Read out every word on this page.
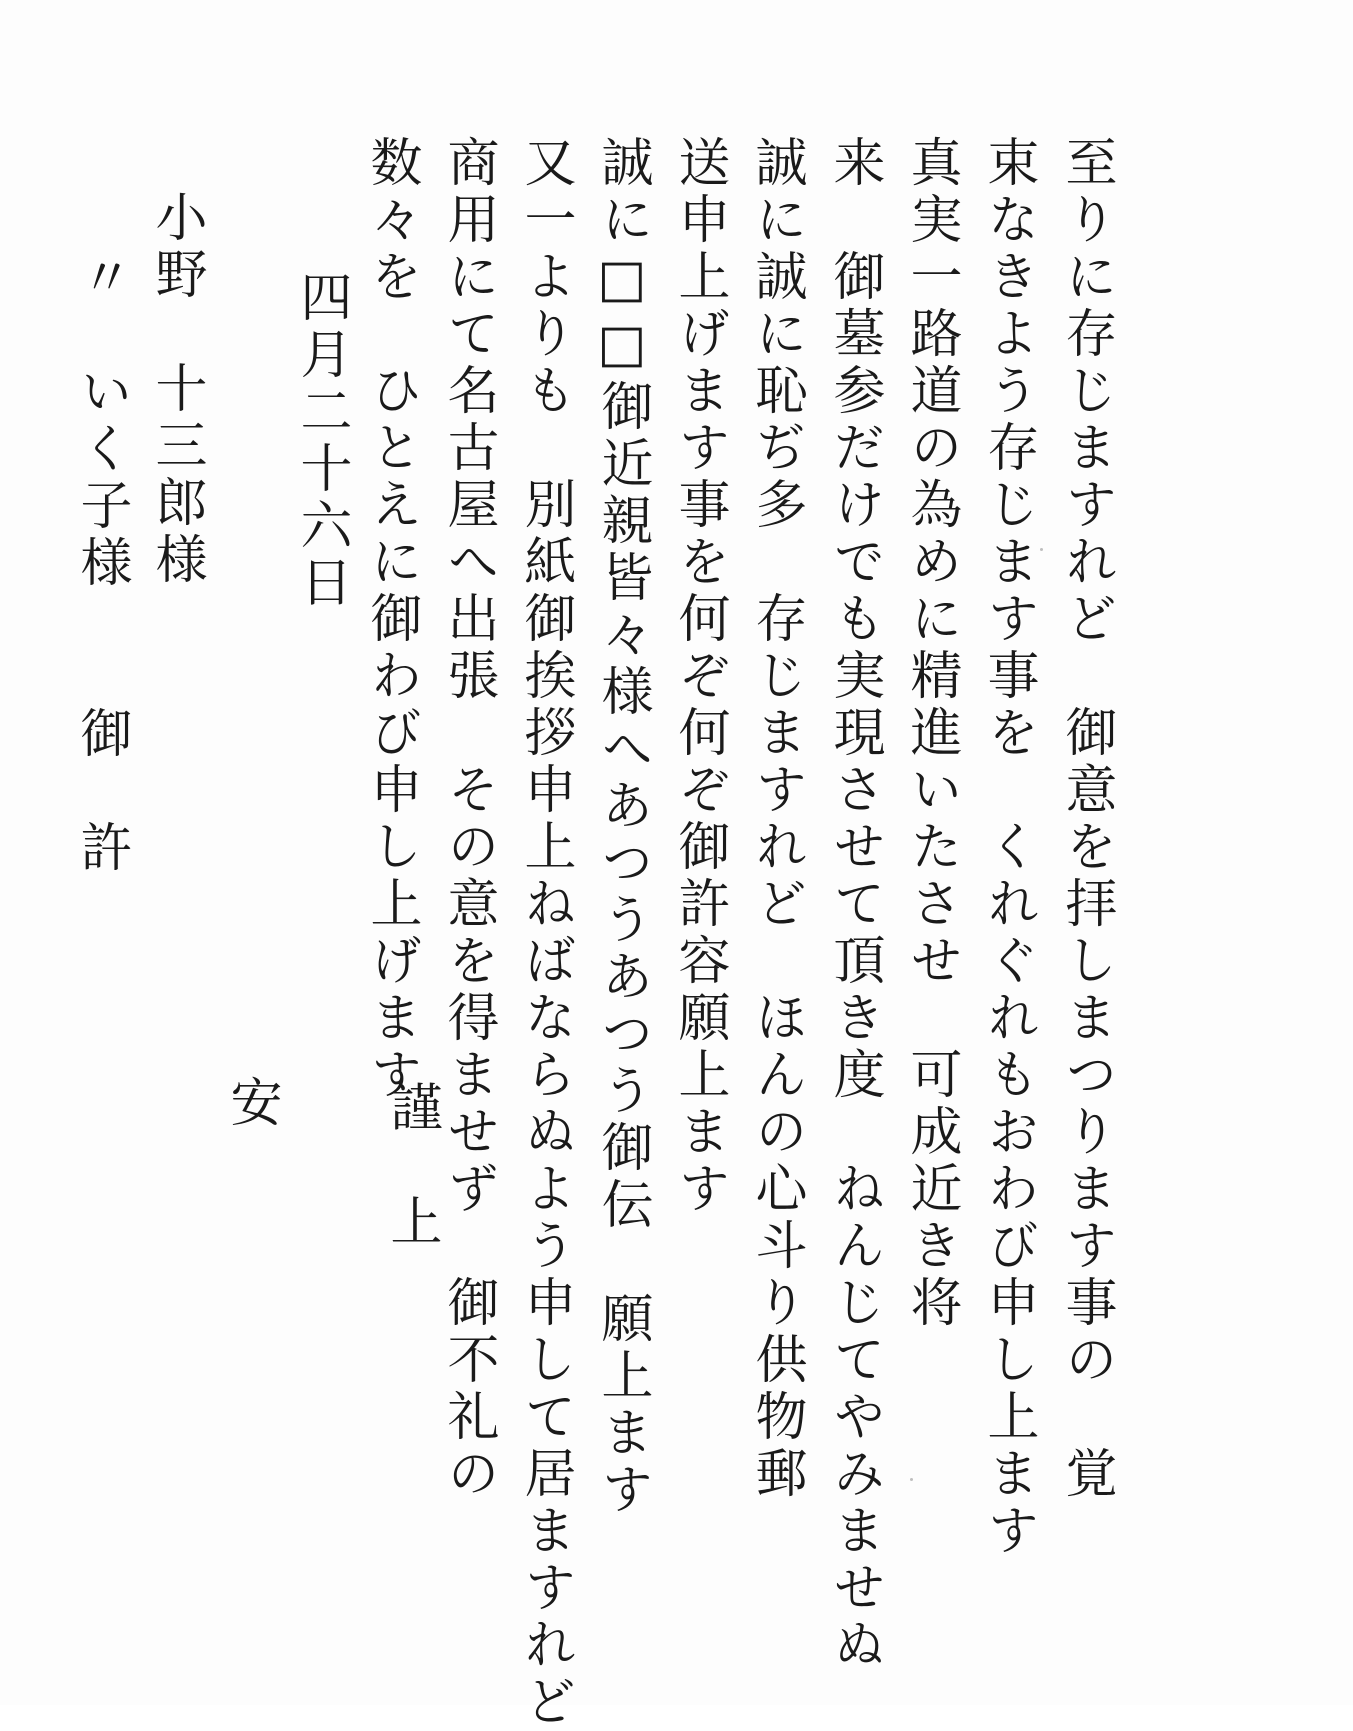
至りに存じますれど　御意を拝しまつります事の　覚
束なきよう存じます事を　くれぐれもおわび申し上ます
真実一路道の為めに精進いたさせ　可成近き将
来　御墓参だけでも実現させて頂き度　ねんじてやみませぬ
誠に誠に恥ぢ多　存じますれど　ほんの心斗り供物郵
送申上げます事を何ぞ何ぞ御許容願上ます
誠に□□御近親皆々様へあつうあつう御伝　願上ます
又一よりも　別紙御挨拶申上ねばならぬよう申して居ますれど
商用にて名古屋へ出張　その意を得ませず　御不礼の
数々を　ひとえに御わび申し上げます
謹　上
四月二十六日
安
小野　十三郎様
〃　いく子様　　御　許
